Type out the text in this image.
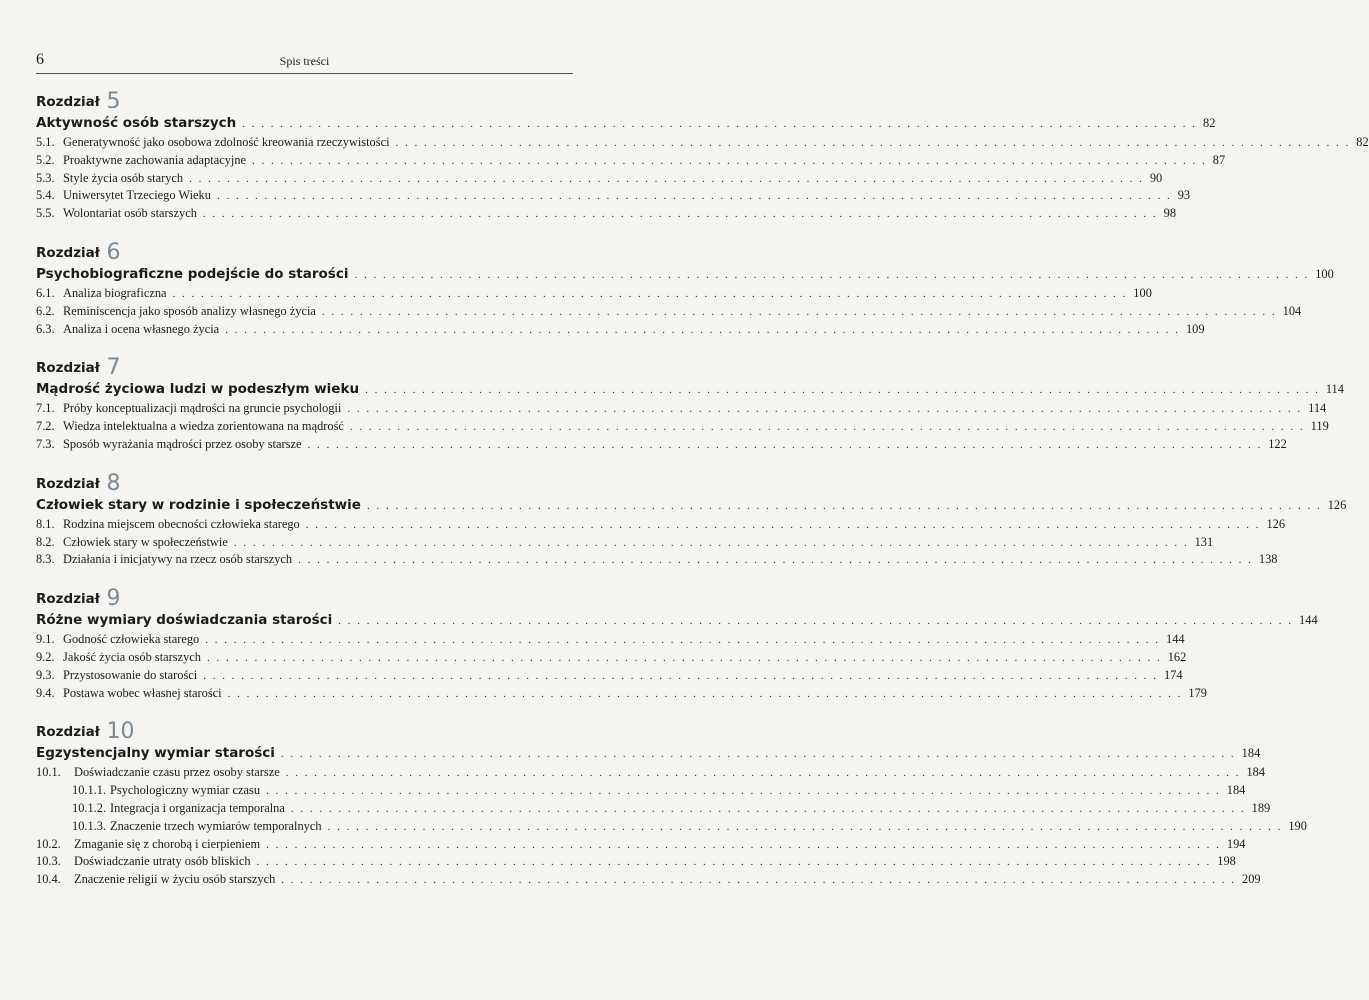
6	Spis treści
Rozdział 5
Aktywność osób starszych . . . . . . . . . . . . . . . . . . . . . . . . . . . . . . . . . . . . . . . . . . . . . . . . . . . . . . . . . . . . . . . . . . . . . . . . . . . . . . . . . . . . . . . . . . . . . . . . . . . . . 82
5.1. Generatywność jako osobowa zdolność kreowania rzeczywistości . . . . . . . . . . . . . . . . . . . . . . . . . . . . . . . . . . . . . . . . . . . . . . . . . . . . . . . . . . . . . . . . . . . . . . . . . . . . . . . . . . . . . . . . . . . . . . . . . . . . . 82
5.2. Proaktywne zachowania adaptacyjne . . . . . . . . . . . . . . . . . . . . . . . . . . . . . . . . . . . . . . . . . . . . . . . . . . . . . . . . . . . . . . . . . . . . . . . . . . . . . . . . . . . . . . . . . . . . . . . . . . . . . 87
5.3. Style życia osób starych . . . . . . . . . . . . . . . . . . . . . . . . . . . . . . . . . . . . . . . . . . . . . . . . . . . . . . . . . . . . . . . . . . . . . . . . . . . . . . . . . . . . . . . . . . . . . . . . . . . . . 90
5.4. Uniwersytet Trzeciego Wieku . . . . . . . . . . . . . . . . . . . . . . . . . . . . . . . . . . . . . . . . . . . . . . . . . . . . . . . . . . . . . . . . . . . . . . . . . . . . . . . . . . . . . . . . . . . . . . . . . . . . . 93
5.5. Wolontariat osób starszych . . . . . . . . . . . . . . . . . . . . . . . . . . . . . . . . . . . . . . . . . . . . . . . . . . . . . . . . . . . . . . . . . . . . . . . . . . . . . . . . . . . . . . . . . . . . . . . . . . . . . 98
Rozdział 6
Psychobiograficzne podejście do starości . . . . . . . . . . . . . . . . . . . . . . . . . . . . . . . . . . . . . . . . . . . . . . . . . . . . . . . . . . . . . . . . . . . . . . . . . . . . . . . . . . . . . . . . . . . . . . . . . . . . . 100
6.1. Analiza biograficzna . . . . . . . . . . . . . . . . . . . . . . . . . . . . . . . . . . . . . . . . . . . . . . . . . . . . . . . . . . . . . . . . . . . . . . . . . . . . . . . . . . . . . . . . . . . . . . . . . . . . . 100
6.2. Reminiscencja jako sposób analizy własnego życia . . . . . . . . . . . . . . . . . . . . . . . . . . . . . . . . . . . . . . . . . . . . . . . . . . . . . . . . . . . . . . . . . . . . . . . . . . . . . . . . . . . . . . . . . . . . . . . . . . . . . 104
6.3. Analiza i ocena własnego życia . . . . . . . . . . . . . . . . . . . . . . . . . . . . . . . . . . . . . . . . . . . . . . . . . . . . . . . . . . . . . . . . . . . . . . . . . . . . . . . . . . . . . . . . . . . . . . . . . . . . . 109
Rozdział 7
Mądrość życiowa ludzi w podeszłym wieku . . . . . . . . . . . . . . . . . . . . . . . . . . . . . . . . . . . . . . . . . . . . . . . . . . . . . . . . . . . . . . . . . . . . . . . . . . . . . . . . . . . . . . . . . . . . . . . . . . . . . 114
7.1. Próby konceptualizacji mądrości na gruncie psychologii . . . . . . . . . . . . . . . . . . . . . . . . . . . . . . . . . . . . . . . . . . . . . . . . . . . . . . . . . . . . . . . . . . . . . . . . . . . . . . . . . . . . . . . . . . . . . . . . . . . . . 114
7.2. Wiedza intelektualna a wiedza zorientowana na mądrość . . . . . . . . . . . . . . . . . . . . . . . . . . . . . . . . . . . . . . . . . . . . . . . . . . . . . . . . . . . . . . . . . . . . . . . . . . . . . . . . . . . . . . . . . . . . . . . . . . . . . 119
7.3. Sposób wyrażania mądrości przez osoby starsze . . . . . . . . . . . . . . . . . . . . . . . . . . . . . . . . . . . . . . . . . . . . . . . . . . . . . . . . . . . . . . . . . . . . . . . . . . . . . . . . . . . . . . . . . . . . . . . . . . . . . 122
Rozdział 8
Człowiek stary w rodzinie i społeczeństwie . . . . . . . . . . . . . . . . . . . . . . . . . . . . . . . . . . . . . . . . . . . . . . . . . . . . . . . . . . . . . . . . . . . . . . . . . . . . . . . . . . . . . . . . . . . . . . . . . . . . . 126
8.1. Rodzina miejscem obecności człowieka starego . . . . . . . . . . . . . . . . . . . . . . . . . . . . . . . . . . . . . . . . . . . . . . . . . . . . . . . . . . . . . . . . . . . . . . . . . . . . . . . . . . . . . . . . . . . . . . . . . . . . . 126
8.2. Człowiek stary w społeczeństwie . . . . . . . . . . . . . . . . . . . . . . . . . . . . . . . . . . . . . . . . . . . . . . . . . . . . . . . . . . . . . . . . . . . . . . . . . . . . . . . . . . . . . . . . . . . . . . . . . . . . . 131
8.3. Działania i inicjatywy na rzecz osób starszych . . . . . . . . . . . . . . . . . . . . . . . . . . . . . . . . . . . . . . . . . . . . . . . . . . . . . . . . . . . . . . . . . . . . . . . . . . . . . . . . . . . . . . . . . . . . . . . . . . . . . 138
Rozdział 9
Różne wymiary doświadczania starości . . . . . . . . . . . . . . . . . . . . . . . . . . . . . . . . . . . . . . . . . . . . . . . . . . . . . . . . . . . . . . . . . . . . . . . . . . . . . . . . . . . . . . . . . . . . . . . . . . . . . 144
9.1. Godność człowieka starego . . . . . . . . . . . . . . . . . . . . . . . . . . . . . . . . . . . . . . . . . . . . . . . . . . . . . . . . . . . . . . . . . . . . . . . . . . . . . . . . . . . . . . . . . . . . . . . . . . . . . 144
9.2. Jakość życia osób starszych . . . . . . . . . . . . . . . . . . . . . . . . . . . . . . . . . . . . . . . . . . . . . . . . . . . . . . . . . . . . . . . . . . . . . . . . . . . . . . . . . . . . . . . . . . . . . . . . . . . . . 162
9.3. Przystosowanie do starości . . . . . . . . . . . . . . . . . . . . . . . . . . . . . . . . . . . . . . . . . . . . . . . . . . . . . . . . . . . . . . . . . . . . . . . . . . . . . . . . . . . . . . . . . . . . . . . . . . . . . 174
9.4. Postawa wobec własnej starości . . . . . . . . . . . . . . . . . . . . . . . . . . . . . . . . . . . . . . . . . . . . . . . . . . . . . . . . . . . . . . . . . . . . . . . . . . . . . . . . . . . . . . . . . . . . . . . . . . . . . 179
Rozdział 10
Egzystencjalny wymiar starości . . . . . . . . . . . . . . . . . . . . . . . . . . . . . . . . . . . . . . . . . . . . . . . . . . . . . . . . . . . . . . . . . . . . . . . . . . . . . . . . . . . . . . . . . . . . . . . . . . . . . 184
10.1.	Doświadczanie czasu przez osoby starsze . . . . . . . . . . . . . . . . . . . . . . . . . . . . . . . . . . . . . . . . . . . . . . . . . . . . . . . . . . . . . . . . . . . . . . . . . . . . . . . . . . . . . . . . . . . . . . . . . . . . . 184
10.1.1. Psychologiczny wymiar czasu . . . . . . . . . . . . . . . . . . . . . . . . . . . . . . . . . . . . . . . . . . . . . . . . . . . . . . . . . . . . . . . . . . . . . . . . . . . . . . . . . . . . . . . . . . . . . . . . . . . . . 184
10.1.2. Integracja i organizacja temporalna . . . . . . . . . . . . . . . . . . . . . . . . . . . . . . . . . . . . . . . . . . . . . . . . . . . . . . . . . . . . . . . . . . . . . . . . . . . . . . . . . . . . . . . . . . . . . . . . . . . . . 189
10.1.3. Znaczenie trzech wymiarów temporalnych . . . . . . . . . . . . . . . . . . . . . . . . . . . . . . . . . . . . . . . . . . . . . . . . . . . . . . . . . . . . . . . . . . . . . . . . . . . . . . . . . . . . . . . . . . . . . . . . . . . . . 190
10.2.	Zmaganie się z chorobą i cierpieniem . . . . . . . . . . . . . . . . . . . . . . . . . . . . . . . . . . . . . . . . . . . . . . . . . . . . . . . . . . . . . . . . . . . . . . . . . . . . . . . . . . . . . . . . . . . . . . . . . . . . . 194
10.3.	Doświadczanie utraty osób bliskich . . . . . . . . . . . . . . . . . . . . . . . . . . . . . . . . . . . . . . . . . . . . . . . . . . . . . . . . . . . . . . . . . . . . . . . . . . . . . . . . . . . . . . . . . . . . . . . . . . . . . 198
10.4.	Znaczenie religii w życiu osób starszych . . . . . . . . . . . . . . . . . . . . . . . . . . . . . . . . . . . . . . . . . . . . . . . . . . . . . . . . . . . . . . . . . . . . . . . . . . . . . . . . . . . . . . . . . . . . . . . . . . . . . 209
